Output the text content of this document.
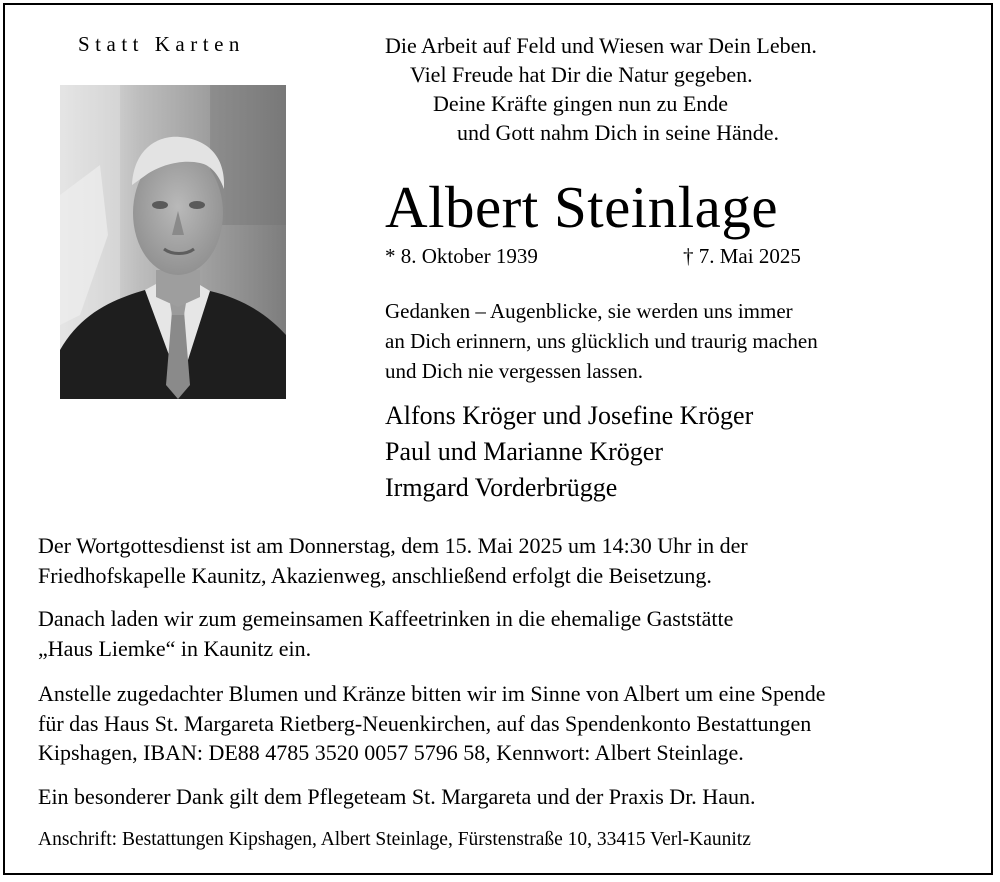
Statt Karten	Die Arbeit auf Feld und Wiesen war Dein Leben.
Viel Freude hat Dir die Natur gegeben.
Deine Kräfte gingen nun zu Ende
und Gott nahm Dich in seine Hände.
Albert Steinlage
* 8. Oktober 1939	† 7. Mai 2025
Gedanken – Augenblicke, sie werden uns immer
an Dich erinnern, uns glücklich und traurig machen
und Dich nie vergessen lassen.
Alfons Kröger und Josefine Kröger
Paul und Marianne Kröger
Irmgard Vorderbrügge
Der Wortgottesdienst ist am Donnerstag, dem 15. Mai 2025 um 14:30 Uhr in der
Friedhofskapelle Kaunitz, Akazienweg, anschließend erfolgt die Beisetzung.
Danach laden wir zum gemeinsamen Kaffeetrinken in die ehemalige Gaststätte
„Haus Liemke“ in Kaunitz ein.
Anstelle zugedachter Blumen und Kränze bitten wir im Sinne von Albert um eine Spende
für das Haus St. Margareta Rietberg-Neuenkirchen, auf das Spendenkonto Bestattungen
Kipshagen, IBAN: DE88 4785 3520 0057 5796 58, Kennwort: Albert Steinlage.
Ein besonderer Dank gilt dem Pflegeteam St. Margareta und der Praxis Dr. Haun.
Anschrift: Bestattungen Kipshagen, Albert Steinlage, Fürstenstraße 10, 33415 Verl-Kaunitz
